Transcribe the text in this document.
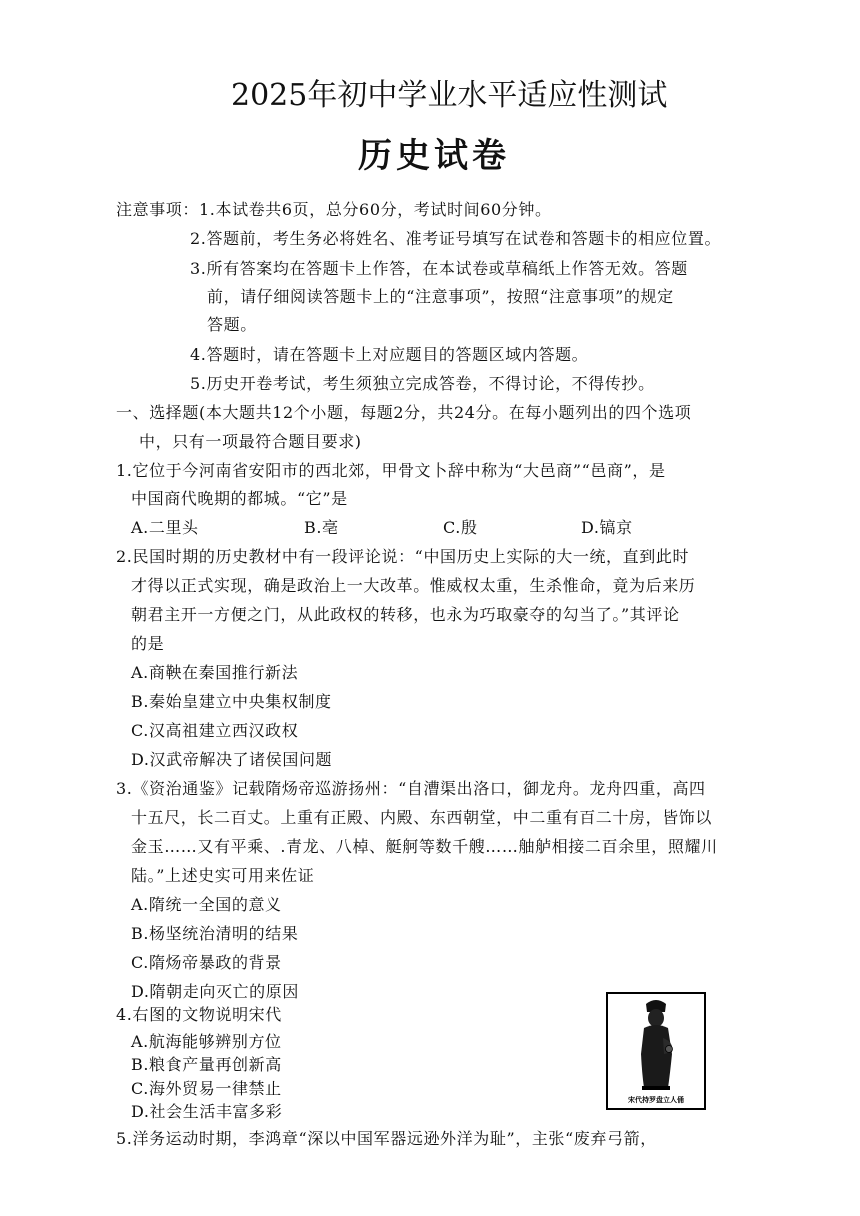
2025年初中学业水平适应性测试
历史试卷
注意事项：1.本试卷共6页，总分60分，考试时间60分钟。
2.答题前，考生务必将姓名、准考证号填写在试卷和答题卡的相应位置。
3.所有答案均在答题卡上作答，在本试卷或草稿纸上作答无效。答题
前，请仔细阅读答题卡上的“注意事项”，按照“注意事项”的规定
答题。
4.答题时，请在答题卡上对应题目的答题区域内答题。
5.历史开卷考试，考生须独立完成答卷，不得讨论，不得传抄。
一、选择题(本大题共12个小题，每题2分，共24分。在每小题列出的四个选项
中，只有一项最符合题目要求)
1.它位于今河南省安阳市的西北郊，甲骨文卜辞中称为“大邑商”“邑商”，是
中国商代晚期的都城。“它”是
A.二里头	B.亳	C.殷	D.镐京
2.民国时期的历史教材中有一段评论说：“中国历史上实际的大一统，直到此时
才得以正式实现，确是政治上一大改革。惟威权太重，生杀惟命，竟为后来历
朝君主开一方便之门，从此政权的转移，也永为巧取豪夺的勾当了。”其评论
的是
A.商鞅在秦国推行新法
B.秦始皇建立中央集权制度
C.汉高祖建立西汉政权
D.汉武帝解决了诸侯国问题
3.《资治通鉴》记载隋炀帝巡游扬州：“自漕渠出洛口，御龙舟。龙舟四重，高四
十五尺，长二百丈。上重有正殿、内殿、东西朝堂，中二重有百二十房，皆饰以
金玉……又有平乘、.青龙、八棹、艇舸等数千艘……舳舻相接二百余里，照耀川
陆。”上述史实可用来佐证
A.隋统一全国的意义
B.杨坚统治清明的结果
C.隋炀帝暴政的背景
D.隋朝走向灭亡的原因
4.右图的文物说明宋代
A.航海能够辨别方位
B.粮食产量再创新高
C.海外贸易一律禁止
D.社会生活丰富多彩
宋代持罗盘立人俑
5.洋务运动时期，李鸿章“深以中国军器远逊外洋为耻”，主张“废弃弓箭，
